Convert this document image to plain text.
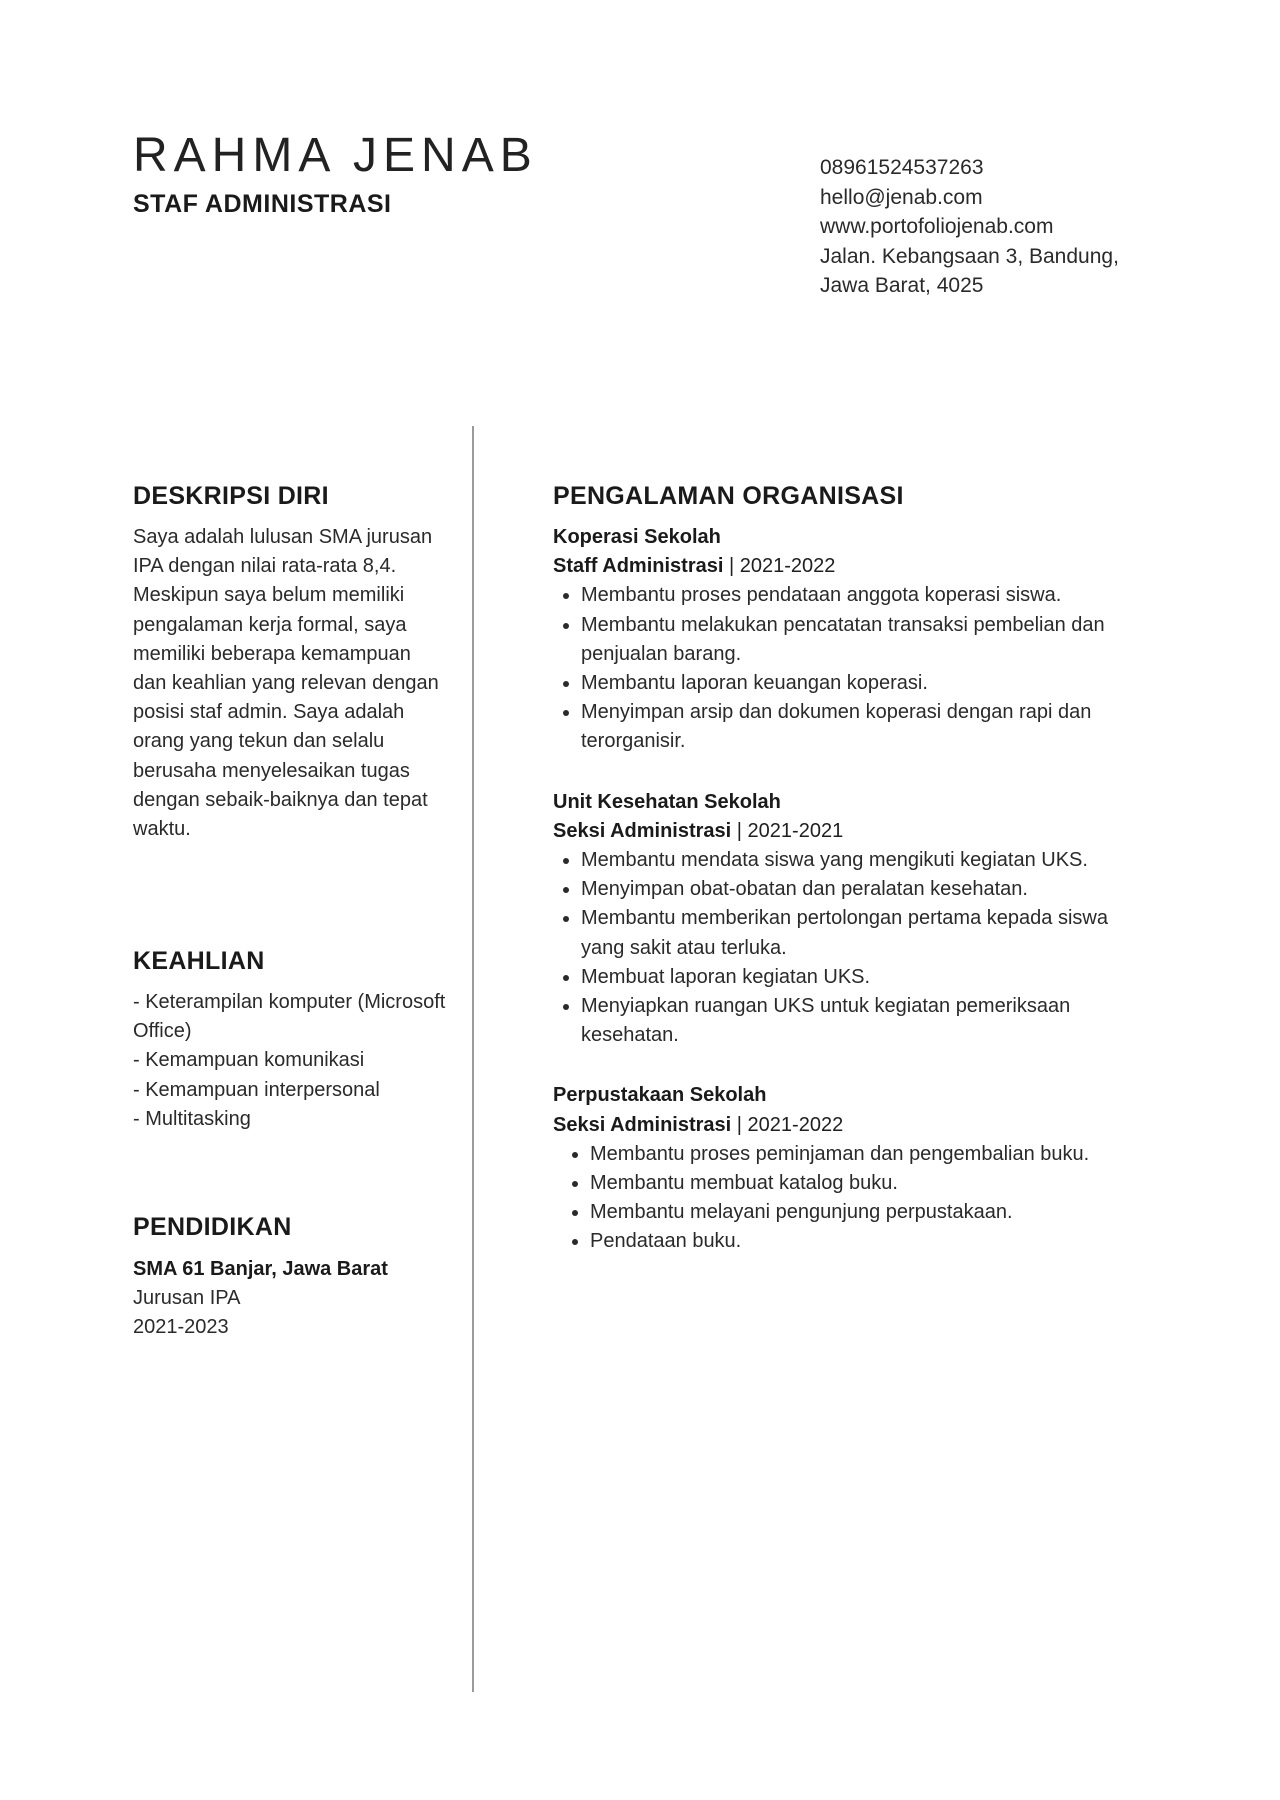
RAHMA JENAB
STAF ADMINISTRASI
08961524537263
hello@jenab.com
www.portofoliojenab.com
Jalan. Kebangsaan 3, Bandung,
Jawa Barat, 4025
DESKRIPSI DIRI
Saya adalah lulusan SMA jurusan IPA dengan nilai rata-rata 8,4. Meskipun saya belum memiliki pengalaman kerja formal, saya memiliki beberapa kemampuan dan keahlian yang relevan dengan posisi staf admin. Saya adalah orang yang tekun dan selalu berusaha menyelesaikan tugas dengan sebaik-baiknya dan tepat waktu.
KEAHLIAN
- Keterampilan komputer (Microsoft Office)
- Kemampuan komunikasi
- Kemampuan interpersonal
- Multitasking
PENDIDIKAN
SMA 61 Banjar, Jawa Barat
Jurusan IPA
2021-2023
PENGALAMAN ORGANISASI
Koperasi Sekolah
Staff Administrasi | 2021-2022
• Membantu proses pendataan anggota koperasi siswa.
• Membantu melakukan pencatatan transaksi pembelian dan penjualan barang.
• Membantu laporan keuangan koperasi.
• Menyimpan arsip dan dokumen koperasi dengan rapi dan terorganisir.
Unit Kesehatan Sekolah
Seksi Administrasi | 2021-2021
• Membantu mendata siswa yang mengikuti kegiatan UKS.
• Menyimpan obat-obatan dan peralatan kesehatan.
• Membantu memberikan pertolongan pertama kepada siswa yang sakit atau terluka.
• Membuat laporan kegiatan UKS.
• Menyiapkan ruangan UKS untuk kegiatan pemeriksaan kesehatan.
Perpustakaan Sekolah
Seksi Administrasi | 2021-2022
• Membantu proses peminjaman dan pengembalian buku.
• Membantu membuat katalog buku.
• Membantu melayani pengunjung perpustakaan.
• Pendataan buku.
